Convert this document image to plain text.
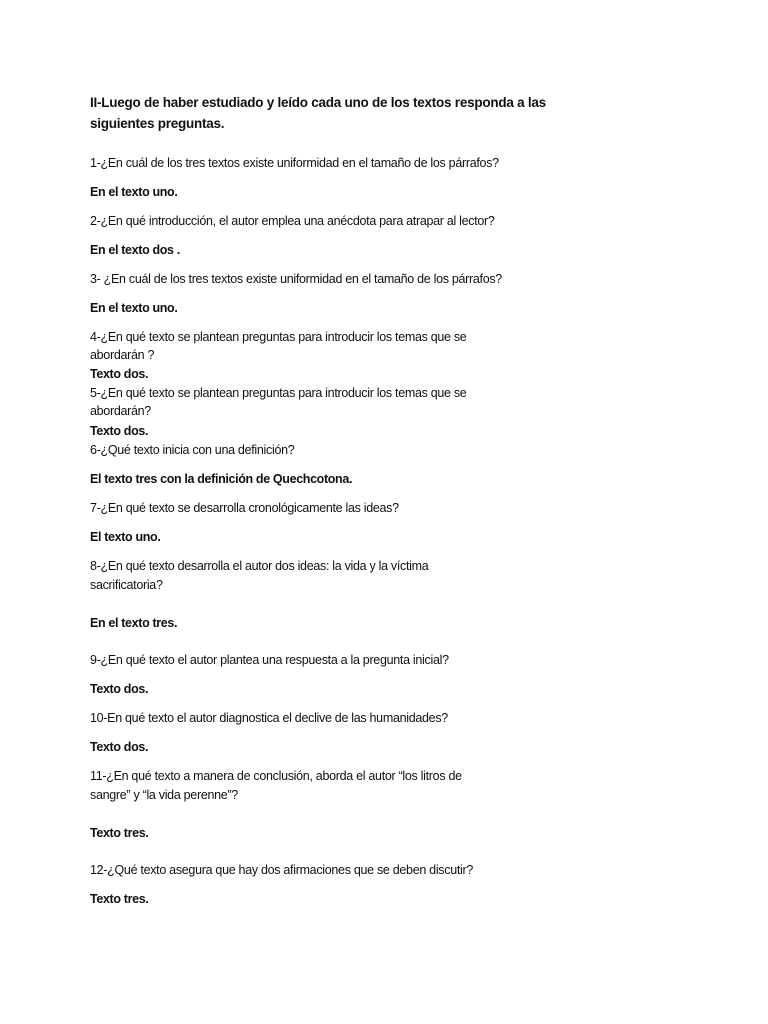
II-Luego de haber estudiado y leído cada uno de los textos responda a las
siguientes preguntas.
1-¿En cuál de los tres textos existe uniformidad en el tamaño de los párrafos?
En el texto uno.
2-¿En qué introducción, el autor emplea una anécdota para atrapar al lector?
En el texto dos .
3- ¿En cuál de los tres textos existe uniformidad en el tamaño de los párrafos?
En el texto uno.
4-¿En qué texto se plantean preguntas para introducir los temas que se
abordarán ?
Texto dos.
5-¿En qué texto se plantean preguntas para introducir los temas que se
abordarán?
Texto dos.
6-¿Qué texto inicia con una definición?
El texto tres con la definición de Quechcotona.
7-¿En qué texto se desarrolla cronológicamente las ideas?
El texto uno.
8-¿En qué texto desarrolla el autor dos ideas: la vida y la víctima
sacrificatoria?
En el texto tres.
9-¿En qué texto el autor plantea una respuesta a la pregunta inicial?
Texto dos.
10-En qué texto el autor diagnostica el declive de las humanidades?
Texto dos.
11-¿En qué texto a manera de conclusión, aborda el autor “los litros de
sangre” y “la vida perenne”?
Texto tres.
12-¿Qué texto asegura que hay dos afirmaciones que se deben discutir?
Texto tres.
